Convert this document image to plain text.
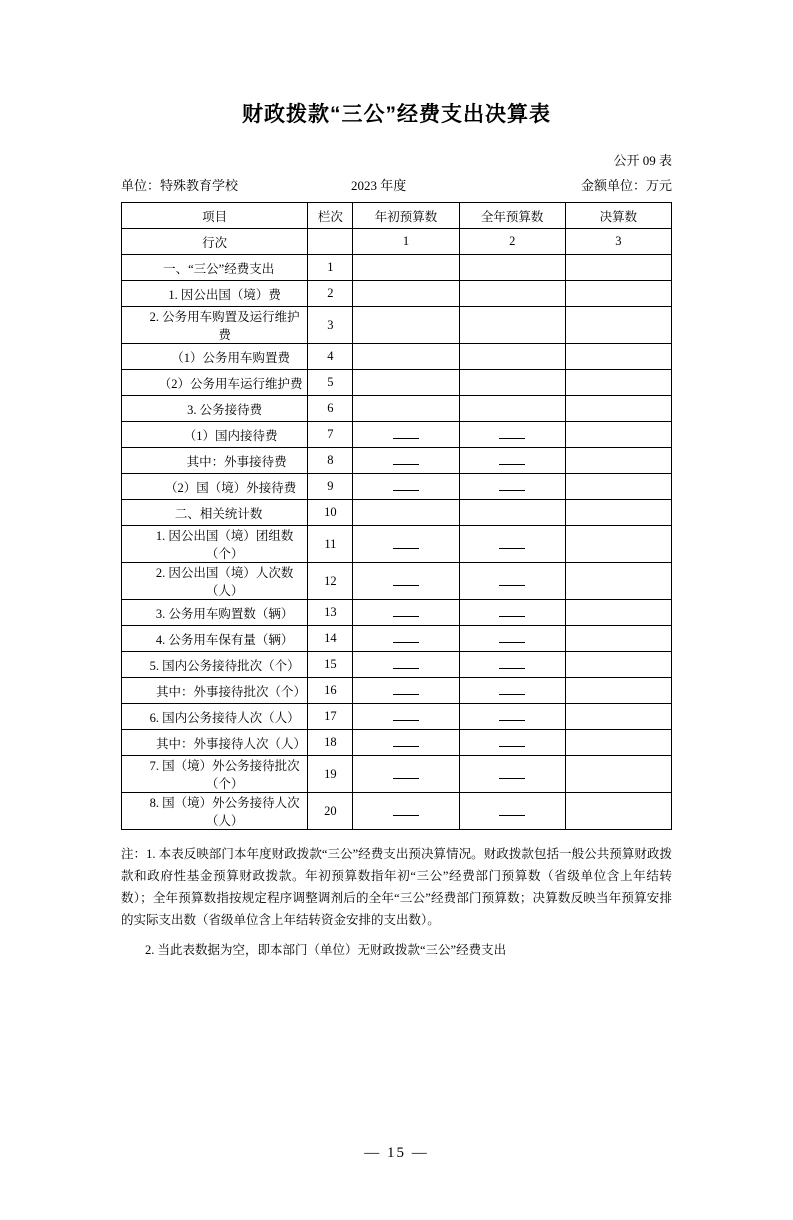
财政拨款“三公”经费支出决算表
公开 09 表
单位：特殊教育学校	2023 年度	金额单位：万元
项目	栏次	年初预算数	全年预算数	决算数
行次		1	2	3
一、“三公”经费支出	1			
1. 因公出国（境）费	2			
2. 公务用车购置及运行维护费	3			
（1）公务用车购置费	4			
（2）公务用车运行维护费	5			
3. 公务接待费	6			
（1）国内接待费	7			
其中：外事接待费	8			
（2）国（境）外接待费	9			
二、相关统计数	10			
1. 因公出国（境）团组数（个）	11			
2. 因公出国（境）人次数（人）	12			
3. 公务用车购置数（辆）	13			
4. 公务用车保有量（辆）	14			
5. 国内公务接待批次（个）	15			
其中：外事接待批次（个）	16			
6. 国内公务接待人次（人）	17			
其中：外事接待人次（人）	18			
7. 国（境）外公务接待批次（个）	19			
8. 国（境）外公务接待人次（人）	20			

注：1. 本表反映部门本年度财政拨款“三公”经费支出预决算情况。财政拨款包括一般公共预算财政拨款和政府性基金预算财政拨款。年初预算数指年初“三公”经费部门预算数（省级单位含上年结转数）；全年预算数指按规定程序调整调剂后的全年“三公”经费部门预算数；决算数反映当年预算安排的实际支出数（省级单位含上年结转资金安排的支出数）。

2. 当此表数据为空，即本部门（单位）无财政拨款“三公”经费支出

— 15 —
